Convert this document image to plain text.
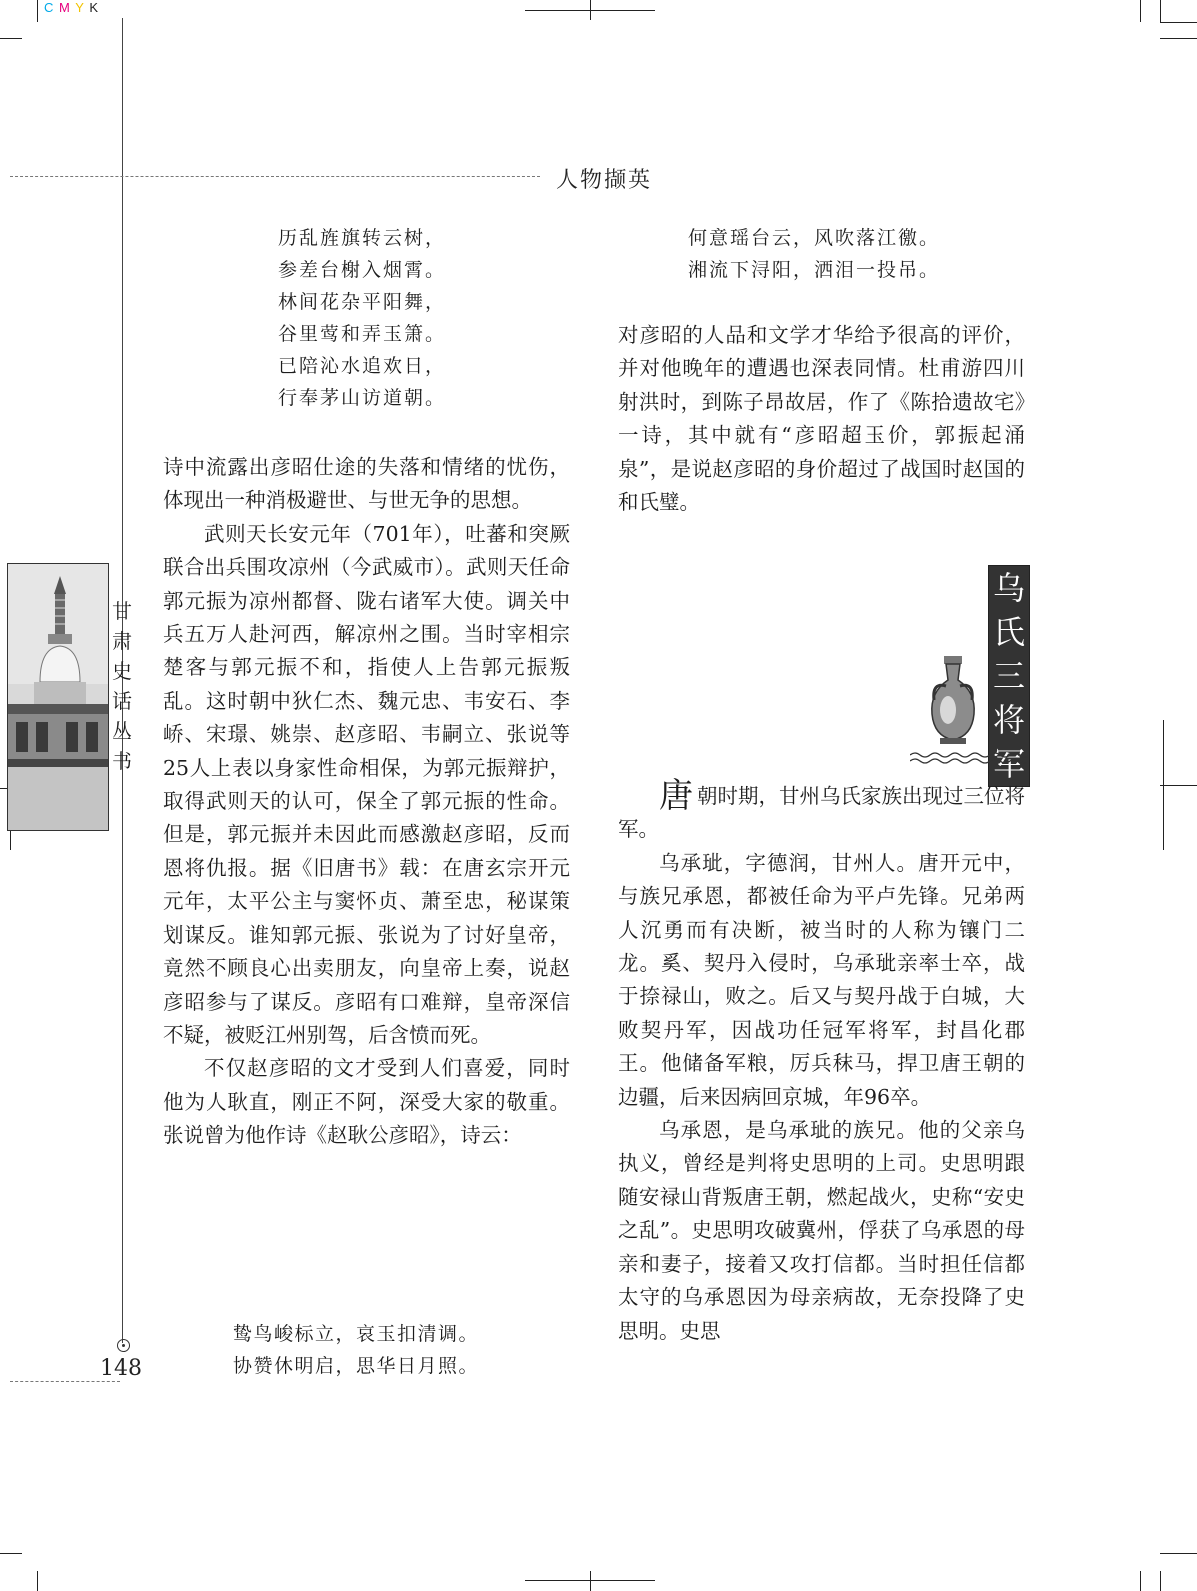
C M Y K
人物撷英
历乱旌旗转云树，
参差台榭入烟霄。
林间花杂平阳舞，
谷里莺和弄玉箫。
已陪沁水追欢日，
行奉茅山访道朝。

诗中流露出彦昭仕途的失落和情绪的忧伤，体现出一种消极避世、与世无争的思想。

武则天长安元年（701年），吐蕃和突厥联合出兵围攻凉州（今武威市）。武则天任命郭元振为凉州都督、陇右诸军大使。调关中兵五万人赴河西，解凉州之围。当时宰相宗楚客与郭元振不和，指使人上告郭元振叛乱。这时朝中狄仁杰、魏元忠、韦安石、李峤、宋璟、姚崇、赵彦昭、韦嗣立、张说等25人上表以身家性命相保，为郭元振辩护，取得武则天的认可，保全了郭元振的性命。但是，郭元振并未因此而感激赵彦昭，反而恩将仇报。据《旧唐书》载：在唐玄宗开元元年，太平公主与窦怀贞、萧至忠，秘谋策划谋反。谁知郭元振、张说为了讨好皇帝，竟然不顾良心出卖朋友，向皇帝上奏，说赵彦昭参与了谋反。彦昭有口难辩，皇帝深信不疑，被贬江州别驾，后含愤而死。

不仅赵彦昭的文才受到人们喜爱，同时他为人耿直，刚正不阿，深受大家的敬重。张说曾为他作诗《赵耿公彦昭》，诗云：

鸷鸟峻标立，哀玉扣清调。
协赞休明启，思华日月照。
甘
肃
史
话
丛
书
何意瑶台云，风吹落江徼。
湘流下浔阳，洒泪一投吊。

对彦昭的人品和文学才华给予很高的评价，并对他晚年的遭遇也深表同情。杜甫游四川射洪时，到陈子昂故居，作了《陈拾遗故宅》一诗，其中就有“彦昭超玉价，郭振起涌泉”，是说赵彦昭的身价超过了战国时赵国的和氏璧。

乌
氏
三
将
军

唐朝时期，甘州乌氏家族出现过三位将军。

乌承玼，字德润，甘州人。唐开元中，与族兄承恩，都被任命为平卢先锋。兄弟两人沉勇而有决断，被当时的人称为镶门二龙。奚、契丹入侵时，乌承玼亲率士卒，战于捺禄山，败之。后又与契丹战于白城，大败契丹军，因战功任冠军将军，封昌化郡王。他储备军粮，厉兵秣马，捍卫唐王朝的边疆，后来因病回京城，年96卒。

乌承恩，是乌承玼的族兄。他的父亲乌执义，曾经是判将史思明的上司。史思明跟随安禄山背叛唐王朝，燃起战火，史称“安史之乱”。史思明攻破冀州，俘获了乌承恩的母亲和妻子，接着又攻打信都。当时担任信都太守的乌承恩因为母亲病故，无奈投降了史思明。史思

148
